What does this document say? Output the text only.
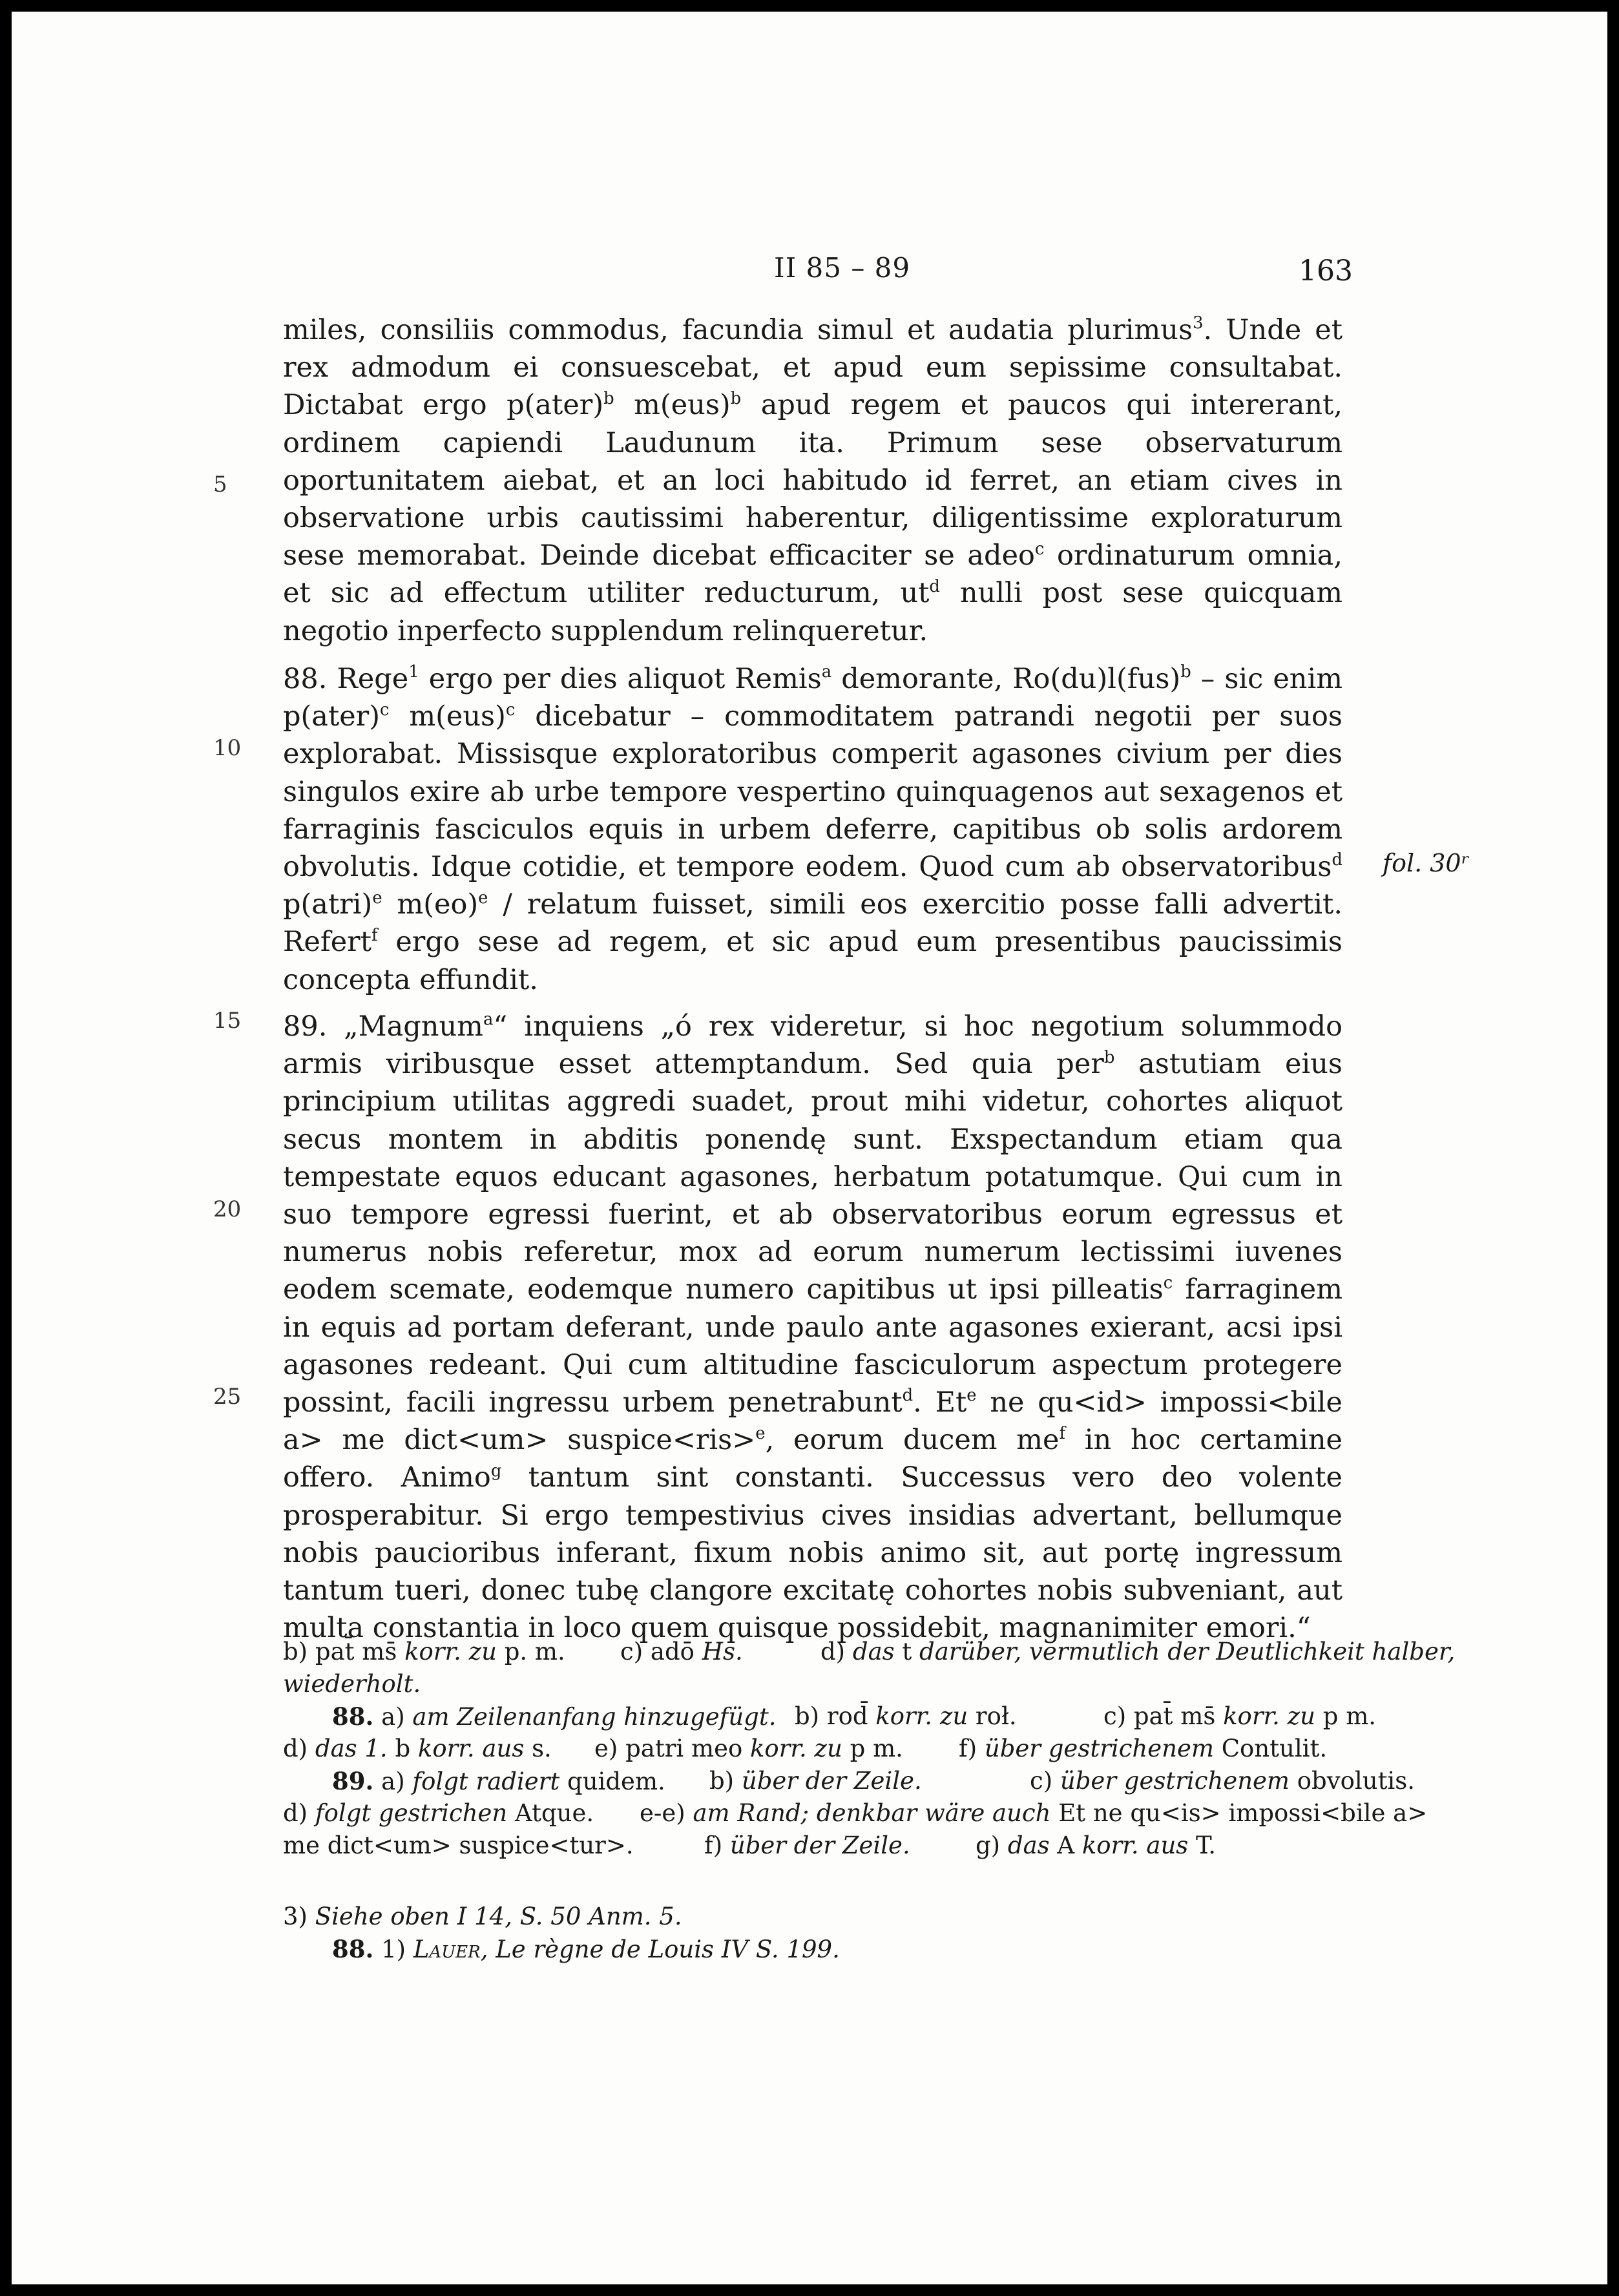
II 85 – 89	163

miles, consiliis commodus, facundia simul et audatia plurimus$^3$. Unde et rex admodum ei consuescebat, et apud eum sepissime consultabat. Dictabat ergo p(ater)$^b$ m(eus)$^b$ apud regem et paucos qui intererant, ordinem capiendi Laudunum ita. Primum sese observaturum oportunitatem aiebat, et an loci habitudo id ferret, an etiam cives in observatione urbis cautissimi haberentur, diligentissime exploraturum sese memorabat. Deinde dicebat efficaciter se adeo$^c$ ordinaturum omnia, et sic ad effectum utiliter reducturum, $ut^d$ nulli post sese quicquam negotio inperfecto supplendum relinqueretur.

88. Rege$^1$ ergo per dies aliquot Remis$^a$ demorante, Ro(du)l(fus)$^b$ – sic enim p(ater)$^c$ m(eus)$^c$ dicebatur – commoditatem patrandi negotii per suos explorabat. Missisque exploratoribus comperit agasones civium per dies singulos exire ab urbe tempore vespertino quinquagenos aut sexagenos et farraginis fasciculos equis in urbem deferre, capitibus ob solis ardorem obvolutis. Idque cotidie, et tempore eodem. Quod cum ab observatoribus$^d$ p(atri)$^e$ m(eo)$^e$ / relatum fuisset, simili eos exercitio posse falli advertit. Refert$^f$ ergo sese ad regem, et sic apud eum presentibus paucissimis concepta effundit.

89. „Magnum$^a$“ inquiens „ó rex videretur, si hoc negotium solummodo armis viribusque esset attemptandum. Sed quia per$^b$ astutiam eius principium utilitas aggredi suadet, prout mihi videtur, cohortes aliquot secus montem in abditis ponendę sunt. Exspectandum etiam qua tempestate equos educant agasones, herbatum potatumque. Qui cum in suo tempore egressi fuerint, et ab observatoribus eorum egressus et numerus nobis referetur, mox ad eorum numerum lectissimi iuvenes eodem scemate, eodemque numero capitibus ut ipsi pilleatis$^c$ farraginem in equis ad portam deferant, unde paulo ante agasones exierant, acsi ipsi agasones redeant. Qui cum altitudine fasciculorum aspectum protegere possint, facili ingressu urbem penetrabunt$^d$. Et$^e$ ne qu<id> impossi<bile a> me dict<um> suspice<ris>$^e$, eorum ducem $me^f$ in hoc certamine offero. Animo$^g$ tantum sint constanti. Successus vero deo volente prosperabitur. Si ergo tempestivius cives insidias advertant, bellumque nobis paucioribus inferant, fixum nobis animo sit, aut portę ingressum tantum tueri, donec tubę clangore excitatę cohortes nobis subveniant, aut multa constantia in loco quem quisque possidebit, magnanimiter emori.“

5
10
15
20
25
fol. 30ʳ
b) pat̄ ms̄ korr. zu p. m. c) adō Hs.	d) das t darüber, vermutlich der Deutlichkeit halber,
wiederholt.
88. a) am Zeilenanfang hinzugefügt. b) rod̄ korr. zu roł.	c) pat̄ ms̄ korr. zu p m.
d) das 1. b korr. aus s. e) patri meo korr. zu p m. f) über gestrichenem Contulit.
89. a) folgt radiert quidem. b) über der Zeile.	c) über gestrichenem obvolutis.
d) folgt gestrichen Atque. e-e) am Rand; denkbar wäre auch Et ne qu<is> impossi<bile a>
me dict<um> suspice<tur>.	f) über der Zeile.	g) das A korr. aus T.
3) Siehe oben I 14, S. 50 Anm. 5.
88. 1) Lauer, Le règne de Louis IV S. 199.
